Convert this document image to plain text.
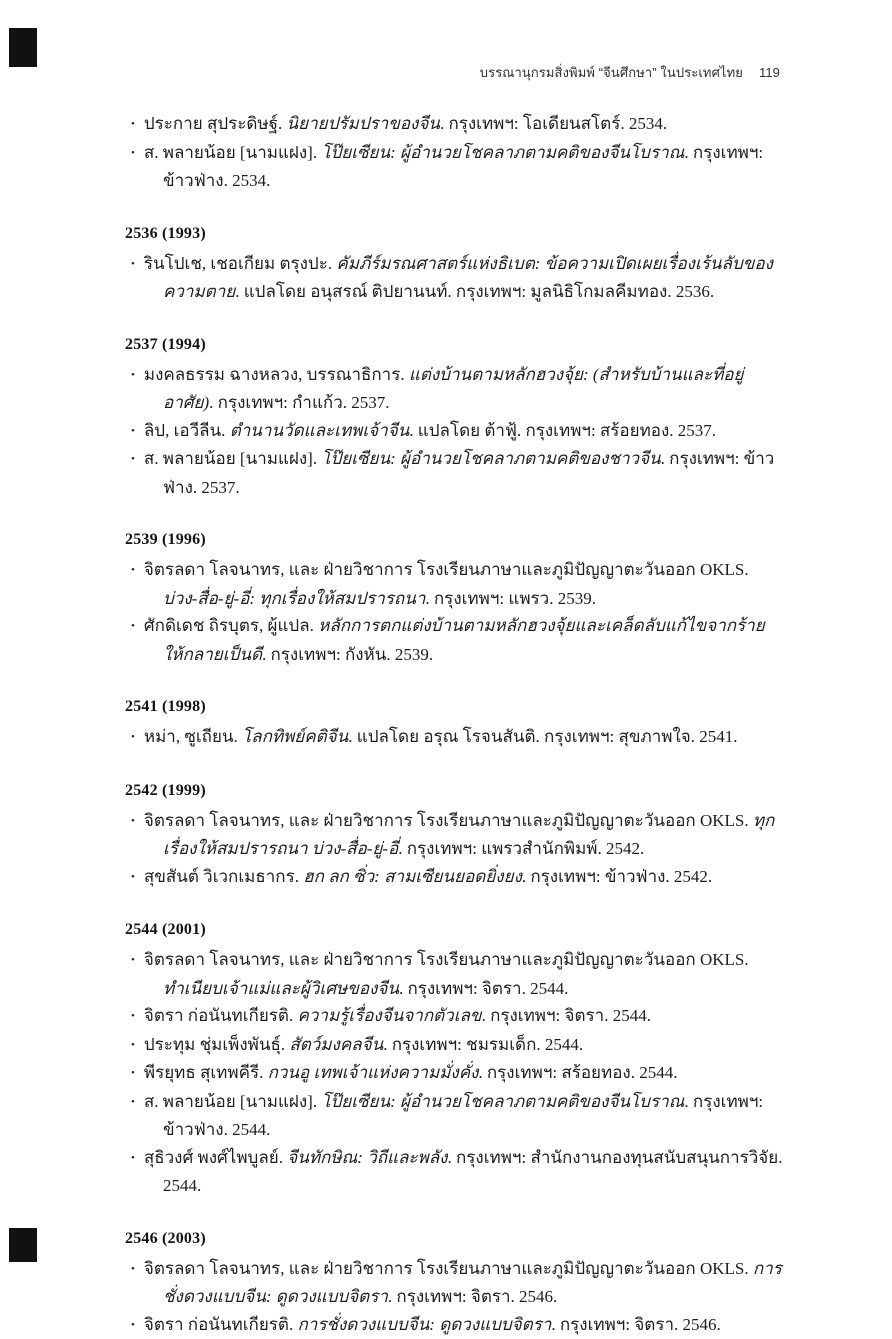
บรรณานุกรมสิ่งพิมพ์ “จีนศึกษา” ในประเทศไทย 119
• ประกาย สุประดิษฐ์. นิยายปรัมปราของจีน. กรุงเทพฯ: โอเดียนสโตร์. 2534.
• ส. พลายน้อย [นามแฝง]. โป๊ยเซียน: ผู้อำนวยโชคลาภตามคติของจีนโบราณ. กรุงเทพฯ: ข้าวฟ่าง. 2534.
2536 (1993)
• รินโปเช, เชอเกียม ตรุงปะ. คัมภีร์มรณศาสตร์แห่งธิเบต: ข้อความเปิดเผยเรื่องเร้นลับของความตาย. แปลโดย อนุสรณ์ ติปยานนท์. กรุงเทพฯ: มูลนิธิโกมลคีมทอง. 2536.
2537 (1994)
• มงคลธรรม ฉางหลวง, บรรณาธิการ. แต่งบ้านตามหลักฮวงจุ้ย: (สำหรับบ้านและที่อยู่อาศัย). กรุงเทพฯ: กำแก้ว. 2537.
• ลิป, เอวีลีน. ตำนานวัดและเทพเจ้าจีน. แปลโดย ต้าฟู้. กรุงเทพฯ: สร้อยทอง. 2537.
• ส. พลายน้อย [นามแฝง]. โป๊ยเซียน: ผู้อำนวยโชคลาภตามคติของชาวจีน. กรุงเทพฯ: ข้าวฟ่าง. 2537.
2539 (1996)
• จิตรลดา โลจนาทร, และ ฝ่ายวิชาการ โรงเรียนภาษาและภูมิปัญญาตะวันออก OKLS. บ่วง-สื่อ-ยู่-อี่: ทุกเรื่องให้สมปรารถนา. กรุงเทพฯ: แพรว. 2539.
• ศักดิเดช ถิรบุตร, ผู้แปล. หลักการตกแต่งบ้านตามหลักฮวงจุ้ยและเคล็ดลับแก้ไขจากร้ายให้กลายเป็นดี. กรุงเทพฯ: กังหัน. 2539.
2541 (1998)
• หม่า, ซูเถียน. โลกทิพย์คติจีน. แปลโดย อรุณ โรจนสันติ. กรุงเทพฯ: สุขภาพใจ. 2541.
2542 (1999)
• จิตรลดา โลจนาทร, และ ฝ่ายวิชาการ โรงเรียนภาษาและภูมิปัญญาตะวันออก OKLS. ทุกเรื่องให้สมปรารถนา บ่วง-สื่อ-ยู่-อี่. กรุงเทพฯ: แพรวสำนักพิมพ์. 2542.
• สุขสันต์ วิเวกเมธากร. ฮก ลก ซิ่ว: สามเซียนยอดยิ่งยง. กรุงเทพฯ: ข้าวฟ่าง. 2542.
2544 (2001)
• จิตรลดา โลจนาทร, และ ฝ่ายวิชาการ โรงเรียนภาษาและภูมิปัญญาตะวันออก OKLS. ทำเนียบเจ้าแม่และผู้วิเศษของจีน. กรุงเทพฯ: จิตรา. 2544.
• จิตรา ก่อนันทเกียรติ. ความรู้เรื่องจีนจากตัวเลข. กรุงเทพฯ: จิตรา. 2544.
• ประทุม ชุ่มเพ็งพันธุ์. สัตว์มงคลจีน. กรุงเทพฯ: ชมรมเด็ก. 2544.
• พีรยุทธ สุเทพคีรี. กวนอู เทพเจ้าแห่งความมั่งคั่ง. กรุงเทพฯ: สร้อยทอง. 2544.
• ส. พลายน้อย [นามแฝง]. โป๊ยเซียน: ผู้อำนวยโชคลาภตามคติของจีนโบราณ. กรุงเทพฯ: ข้าวฟ่าง. 2544.
• สุธิวงศ์ พงศ์ไพบูลย์. จีนทักษิณ: วิถีและพลัง. กรุงเทพฯ: สำนักงานกองทุนสนับสนุนการวิจัย. 2544.
2546 (2003)
• จิตรลดา โลจนาทร, และ ฝ่ายวิชาการ โรงเรียนภาษาและภูมิปัญญาตะวันออก OKLS. การชั่งดวงแบบจีน: ดูดวงแบบจิตรา. กรุงเทพฯ: จิตรา. 2546.
• จิตรา ก่อนันทเกียรติ. การชั่งดวงแบบจีน: ดูดวงแบบจิตรา. กรุงเทพฯ: จิตรา. 2546.
